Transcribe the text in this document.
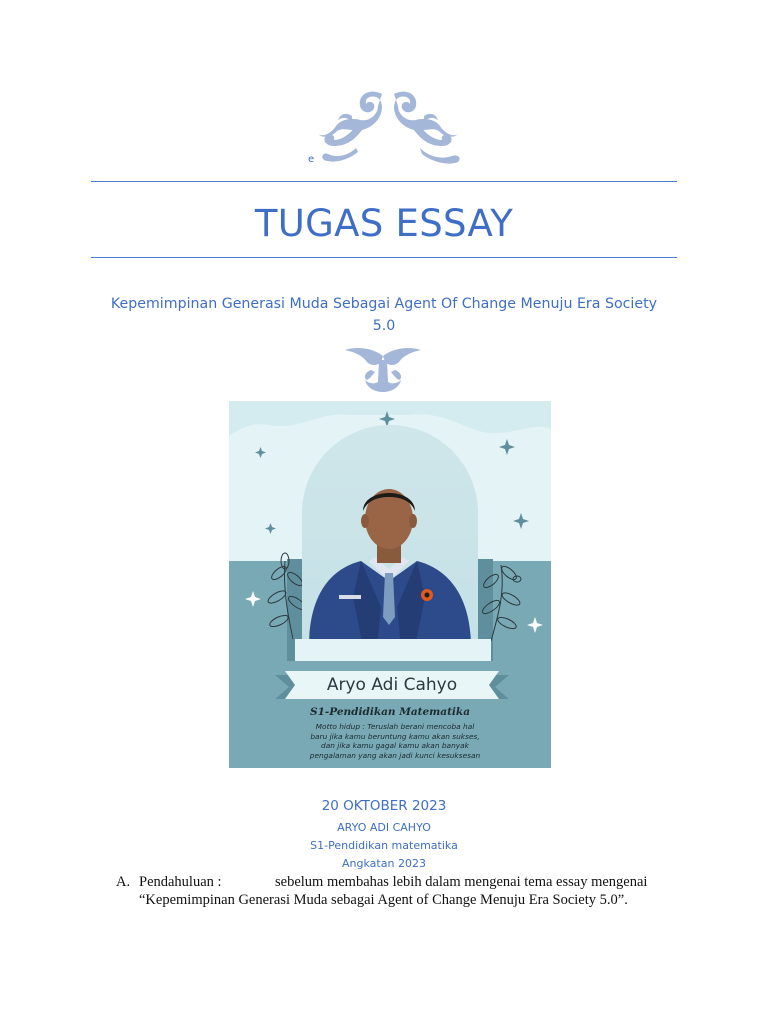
e
TUGAS ESSAY
Kepemimpinan Generasi Muda Sebagai Agent Of Change Menuju Era Society
5.0
Aryo Adi Cahyo
S1-Pendidikan Matematika
Motto hidup : Teruslah berani mencoba hal
baru jika kamu beruntung kamu akan sukses,
dan jika kamu gagal kamu akan banyak
pengalaman yang akan jadi kunci kesuksesan
20 OKTOBER 2023
ARYO ADI CAHYO
S1-Pendidikan matematika
Angkatan 2023
A. Pendahuluan :	sebelum membahas lebih dalam mengenai tema essay mengenai
“Kepemimpinan Generasi Muda sebagai Agent of Change Menuju Era Society 5.0”.
